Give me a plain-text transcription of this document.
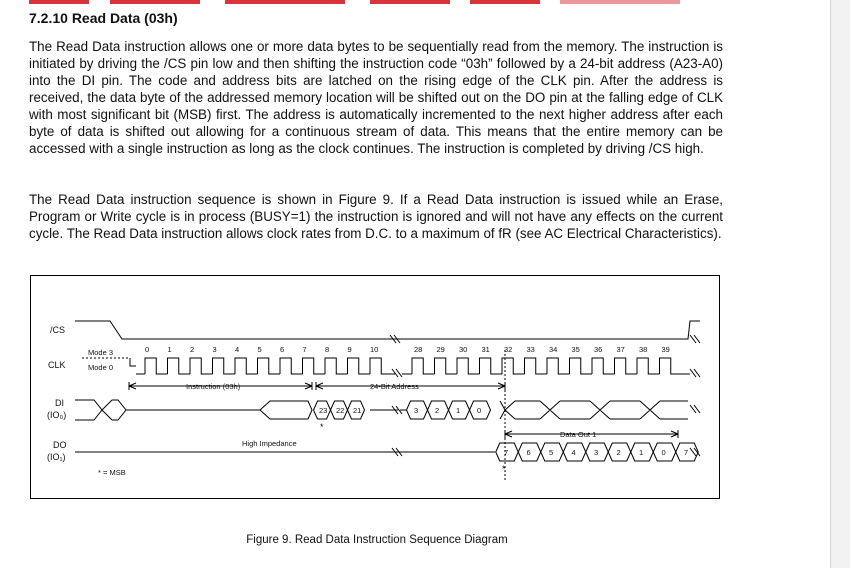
7.2.10 Read Data (03h)

The Read Data instruction allows one or more data bytes to be sequentially read from the memory. The instruction is initiated by driving the /CS pin low and then shifting the instruction code “03h” followed by a 24-bit address (A23-A0) into the DI pin. The code and address bits are latched on the rising edge of the CLK pin. After the address is received, the data byte of the addressed memory location will be shifted out on the DO pin at the falling edge of CLK with most significant bit (MSB) first. The address is automatically incremented to the next higher address after each byte of data is shifted out allowing for a continuous stream of data. This means that the entire memory can be accessed with a single instruction as long as the clock continues. The instruction is completed by driving /CS high.

The Read Data instruction sequence is shown in Figure 9. If a Read Data instruction is issued while an Erase, Program or Write cycle is in process (BUSY=1) the instruction is ignored and will not have any effects on the current cycle. The Read Data instruction allows clock rates from D.C. to a maximum of fR (see AC Electrical Characteristics).

/CS
CLK
DI
(IO₀)
DO
(IO₁)
Mode 3
Mode 0
0 1 2 3 4 5 6 7 8 9 10	28 29 30 31 32 33 34 35 36 37 38 39
Instruction (03h)	24-Bit Address
23 22 21	3 2 1 0
*
High Impedance
7 6 5 4 3 2 1 0 7
Data Out 1
*
* = MSB
Figure 9. Read Data Instruction Sequence Diagram
